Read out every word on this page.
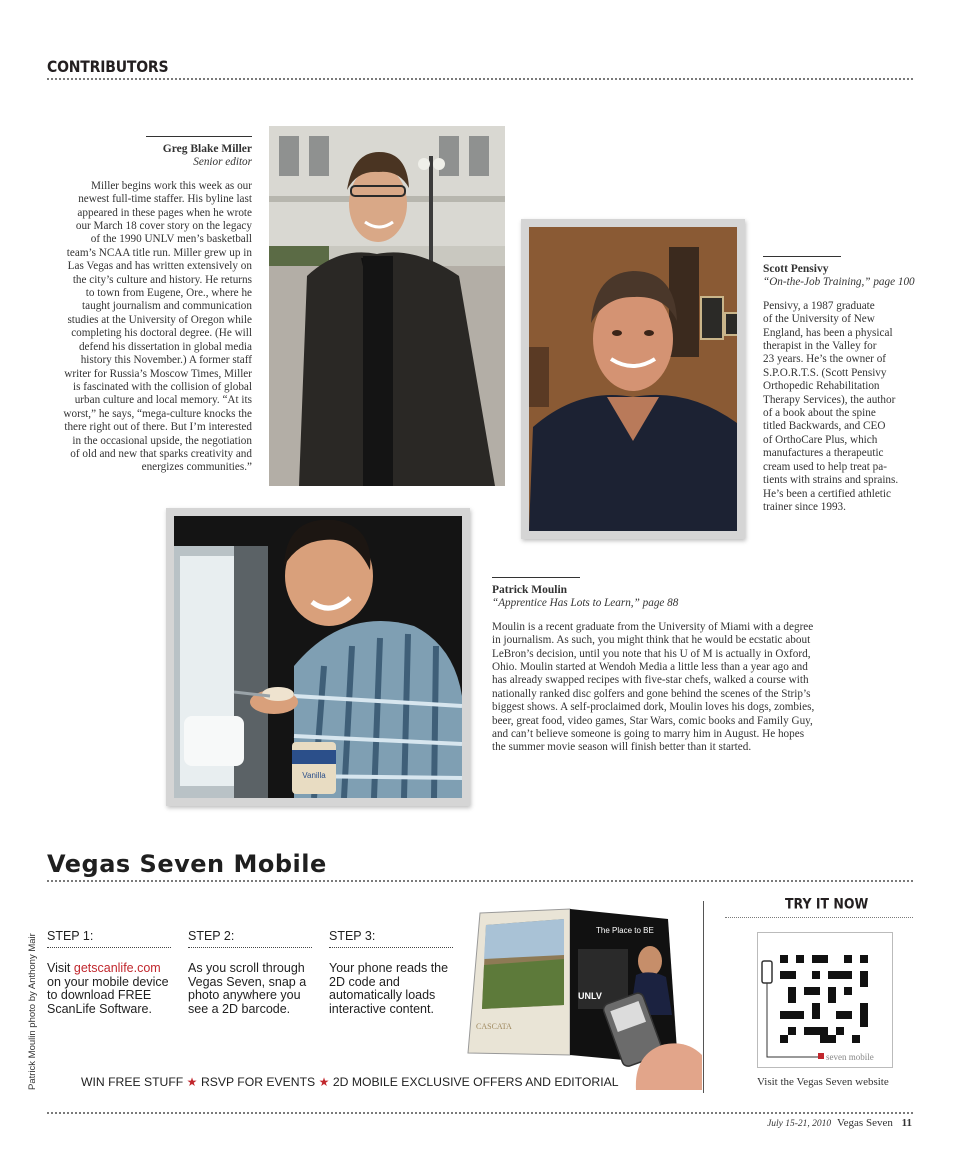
CONTRIBUTORS
Greg Blake Miller
Senior editor

Miller begins work this week as our
newest full-time staffer. His byline last
appeared in these pages when he wrote
our March 18 cover story on the legacy
of the 1990 UNLV men’s basketball
team’s NCAA title run. Miller grew up in
Las Vegas and has written extensively on
the city’s culture and history. He returns
to town from Eugene, Ore., where he
taught journalism and communication
studies at the University of Oregon while
completing his doctoral degree. (He will
defend his dissertation in global media
history this November.) A former staff
writer for Russia’s Moscow Times, Miller
is fascinated with the collision of global
urban culture and local memory. “At its
worst,” he says, “mega-culture knocks the
there right out of there. But I’m interested
in the occasional upside, the negotiation
of old and new that sparks creativity and
energizes communities.”

Scott Pensivy
“On-the-Job Training,” page 100

Pensivy, a 1987 graduate
of the University of New
England, has been a physical
therapist in the Valley for
23 years. He’s the owner of
S.P.O.R.T.S. (Scott Pensivy
Orthopedic Rehabilitation
Therapy Services), the author
of a book about the spine
titled Backwards, and CEO
of OrthoCare Plus, which
manufactures a therapeutic
cream used to help treat pa-
tients with strains and sprains.
He’s been a certified athletic
trainer since 1993.

Vanilla
Patrick Moulin
“Apprentice Has Lots to Learn,” page 88

Moulin is a recent graduate from the University of Miami with a degree
in journalism. As such, you might think that he would be ecstatic about
LeBron’s decision, until you note that his U of M is actually in Oxford,
Ohio. Moulin started at Wendoh Media a little less than a year ago and
has already swapped recipes with five-star chefs, walked a course with
nationally ranked disc golfers and gone behind the scenes of the Strip’s
biggest shows. A self-proclaimed dork, Moulin loves his dogs, zombies,
beer, great food, video games, Star Wars, comic books and Family Guy,
and can’t believe someone is going to marry him in August. He hopes
the summer movie season will finish better than it started.

Vegas Seven Mobile
Patrick Moulin photo by Anthony Mair STEP 1:
Visit getscanlife.com on your mobile device to download FREE ScanLife Software.
STEP 2:
As you scroll through Vegas Seven, snap a photo anywhere you see a 2D barcode.
STEP 3:
Your phone reads the 2D code and automatically loads interactive content.
WIN FREE STUFF ★ RSVP FOR EVENTS ★ 2D MOBILE EXCLUSIVE OFFERS AND EDITORIAL
CASCATA
The Place to BE
UNLV
TRY IT NOW
seven mobile
Visit the Vegas Seven website
July 15-21, 2010 Vegas Seven 11
